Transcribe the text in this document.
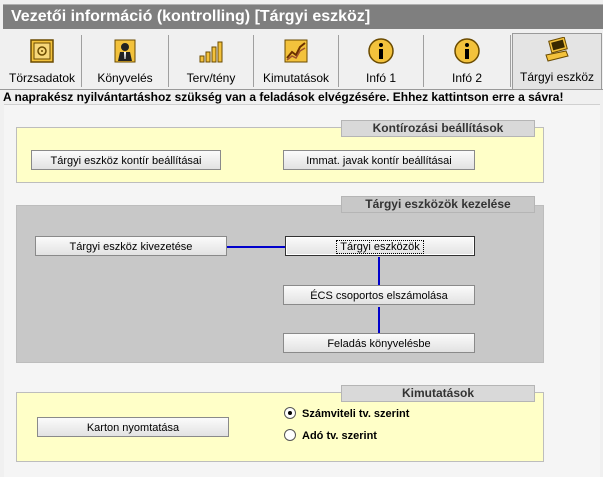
Vezetői információ (kontrolling) [Tárgyi eszköz]
Törzsadatok	Könyvelés	Terv/tény	Kimutatások	Infó 1	Infó 2	Tárgyi eszköz
A naprakész nyilvántartáshoz szükség van a feladások elvégzésére. Ehhez kattintson erre a sávra!
Kontírozási beállítások
Tárgyi eszköz kontír beállításai	Immat. javak kontír beállításai
Tárgyi eszközök kezelése
Tárgyi eszköz kivezetése	Tárgyi eszközök
ÉCS csoportos elszámolása
Feladás könyvelésbe
Kimutatások
Karton nyomtatása
Számviteli tv. szerint
Adó tv. szerint
